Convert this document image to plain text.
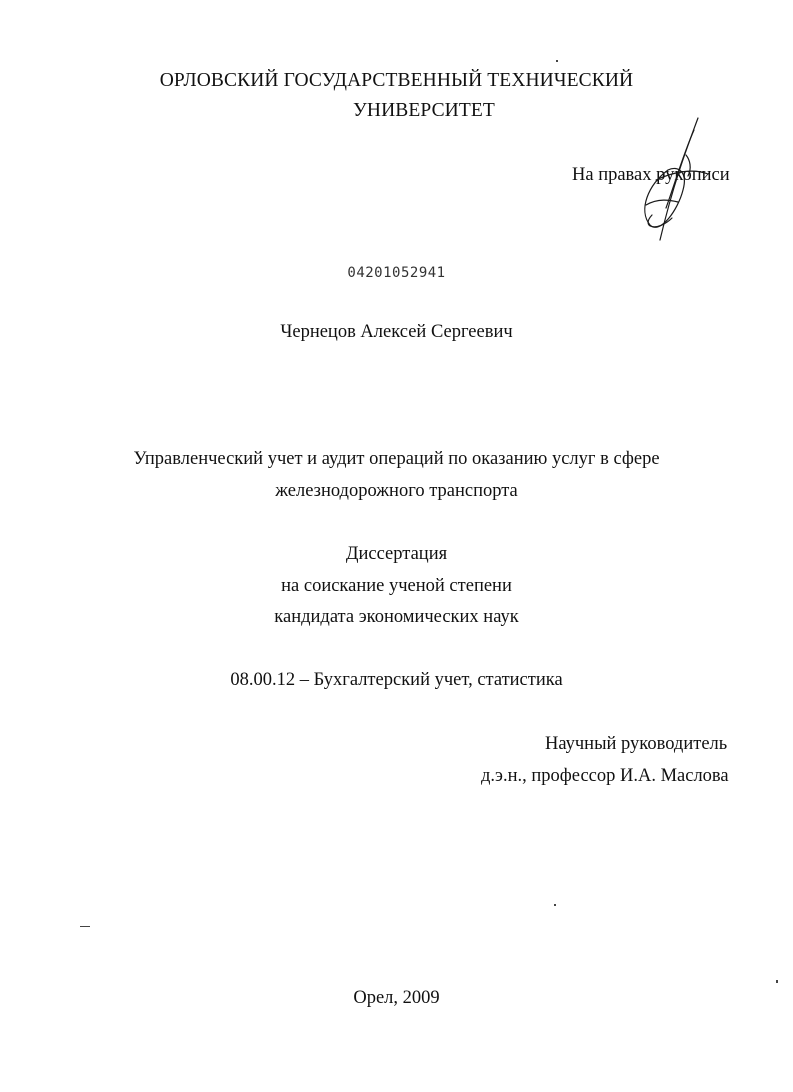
ОРЛОВСКИЙ ГОСУДАРСТВЕННЫЙ ТЕХНИЧЕСКИЙ
УНИВЕРСИТЕТ
На правах рукописи
04201052941
Чернецов Алексей Сергеевич
Управленческий учет и аудит операций по оказанию услуг в сфере
железнодорожного транспорта
Диссертация
на соискание ученой степени
кандидата экономических наук
08.00.12 – Бухгалтерский учет, статистика
Научный руководитель
д.э.н., профессор И.А. Маслова
Орел, 2009
